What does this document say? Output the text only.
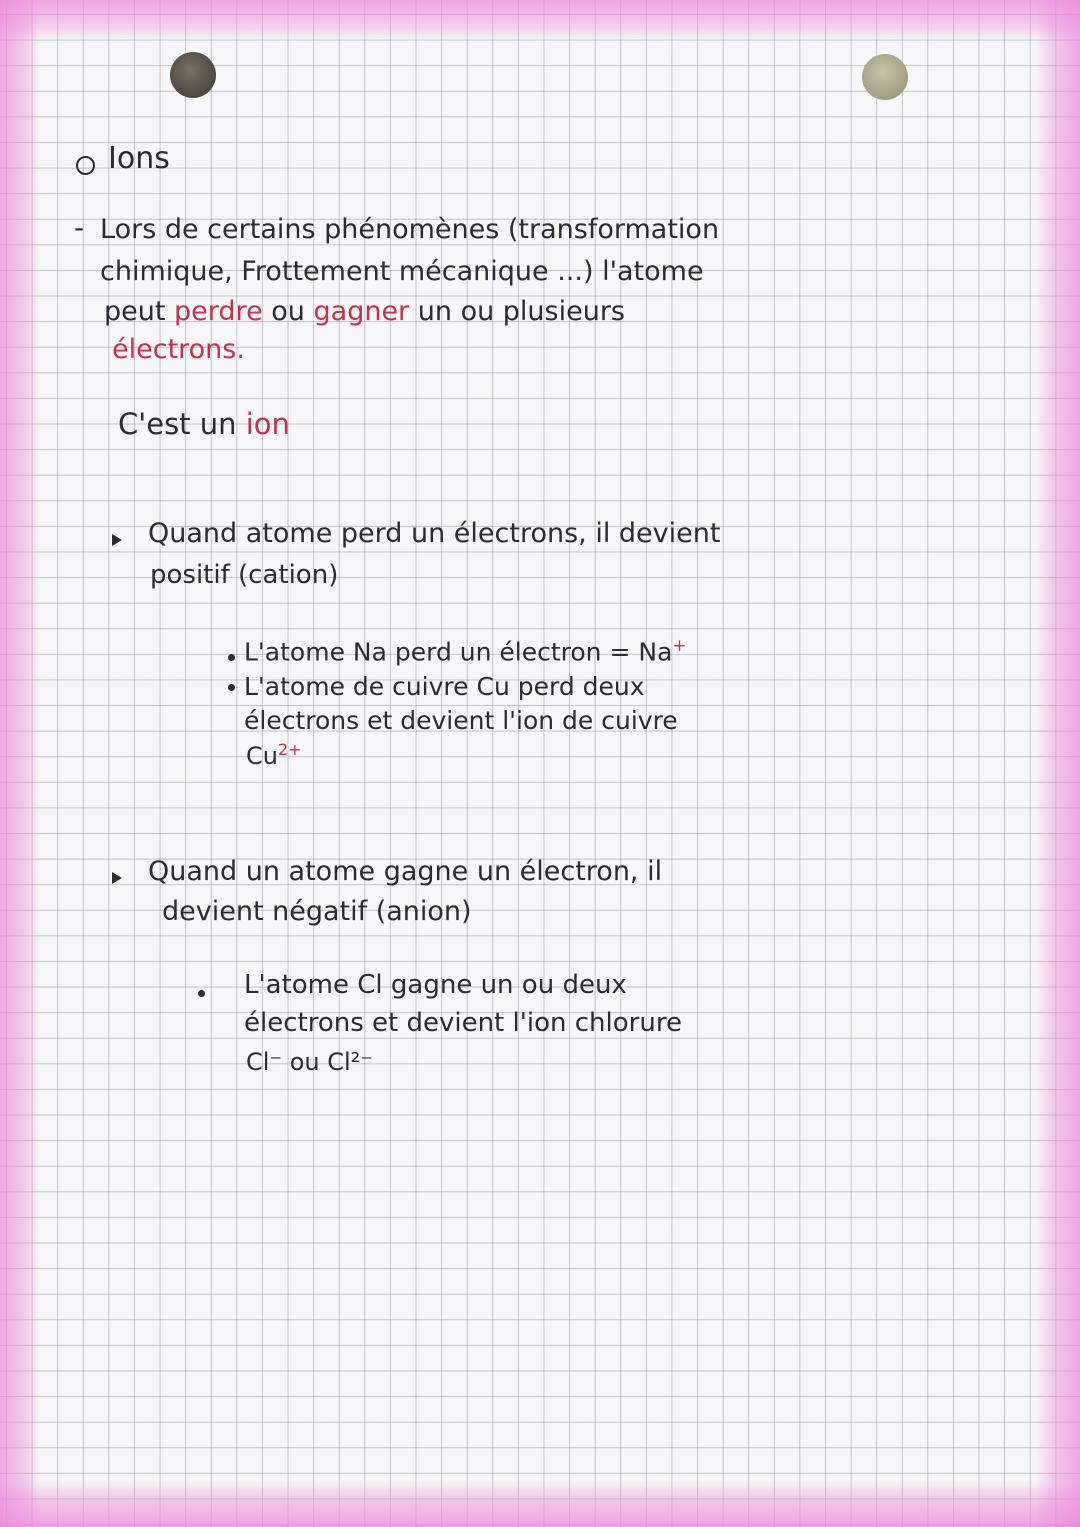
Ions
- Lors de certains phénomènes (transformation
chimique, Frottement mécanique ...) l'atome
peut perdre ou gagner un ou plusieurs
électrons.
C'est un ion
Quand atome perd un électrons, il devient
positif (cation)
L'atome Na perd un électron = Na+
L'atome de cuivre Cu perd deux
électrons et devient l'ion de cuivre
$Cu^{2+}$
Quand un atome gagne un électron, il
devient négatif (anion)
L'atome Cl gagne un ou deux
électrons et devient l'ion chlorure
Cl⁻ ou Cl²⁻
